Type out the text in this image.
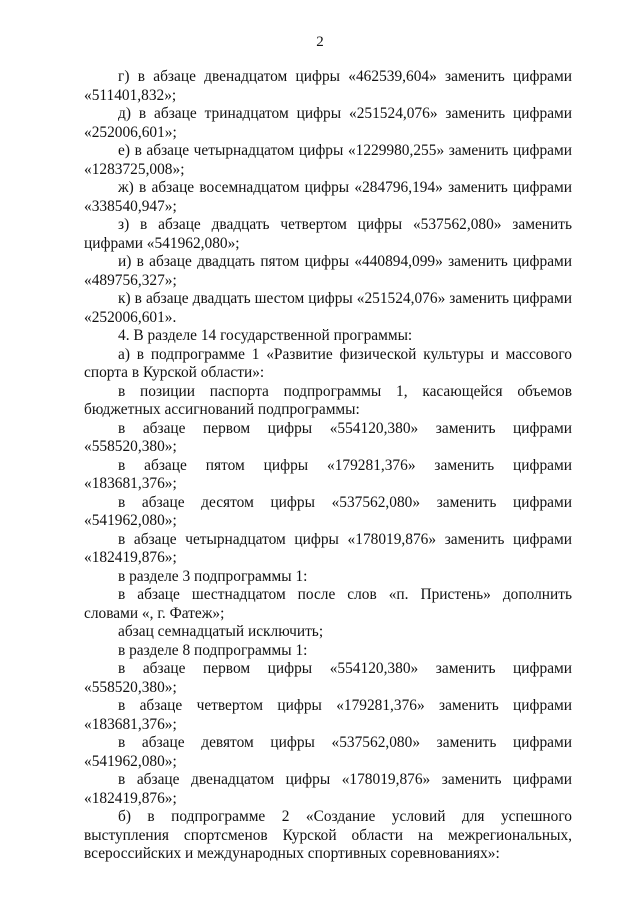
2

г) в абзаце двенадцатом цифры «462539,604» заменить цифрами «511401,832»;

д) в абзаце тринадцатом цифры «251524,076» заменить цифрами «252006,601»;

е) в абзаце четырнадцатом цифры «1229980,255» заменить цифрами «1283725,008»;

ж) в абзаце восемнадцатом цифры «284796,194» заменить цифрами «338540,947»;

з) в абзаце двадцать четвертом цифры «537562,080» заменить цифрами «541962,080»;

и) в абзаце двадцать пятом цифры «440894,099» заменить цифрами «489756,327»;

к) в абзаце двадцать шестом цифры «251524,076» заменить цифрами «252006,601».

4. В разделе 14 государственной программы:

а) в подпрограмме 1 «Развитие физической культуры и массового спорта в Курской области»:

в позиции паспорта подпрограммы 1, касающейся объемов бюджетных ассигнований подпрограммы:

в абзаце первом цифры «554120,380» заменить цифрами «558520,380»;

в абзаце пятом цифры «179281,376» заменить цифрами «183681,376»;

в абзаце десятом цифры «537562,080» заменить цифрами «541962,080»;

в абзаце четырнадцатом цифры «178019,876» заменить цифрами «182419,876»;

в разделе 3 подпрограммы 1:

в абзаце шестнадцатом после слов «п. Пристень» дополнить словами «, г. Фатеж»;

абзац семнадцатый исключить;

в разделе 8 подпрограммы 1:

в абзаце первом цифры «554120,380» заменить цифрами «558520,380»;

в абзаце четвертом цифры «179281,376» заменить цифрами «183681,376»;

в абзаце девятом цифры «537562,080» заменить цифрами «541962,080»;

в абзаце двенадцатом цифры «178019,876» заменить цифрами «182419,876»;

б) в подпрограмме 2 «Создание условий для успешного выступления спортсменов Курской области на межрегиональных, всероссийских и международных спортивных соревнованиях»:
